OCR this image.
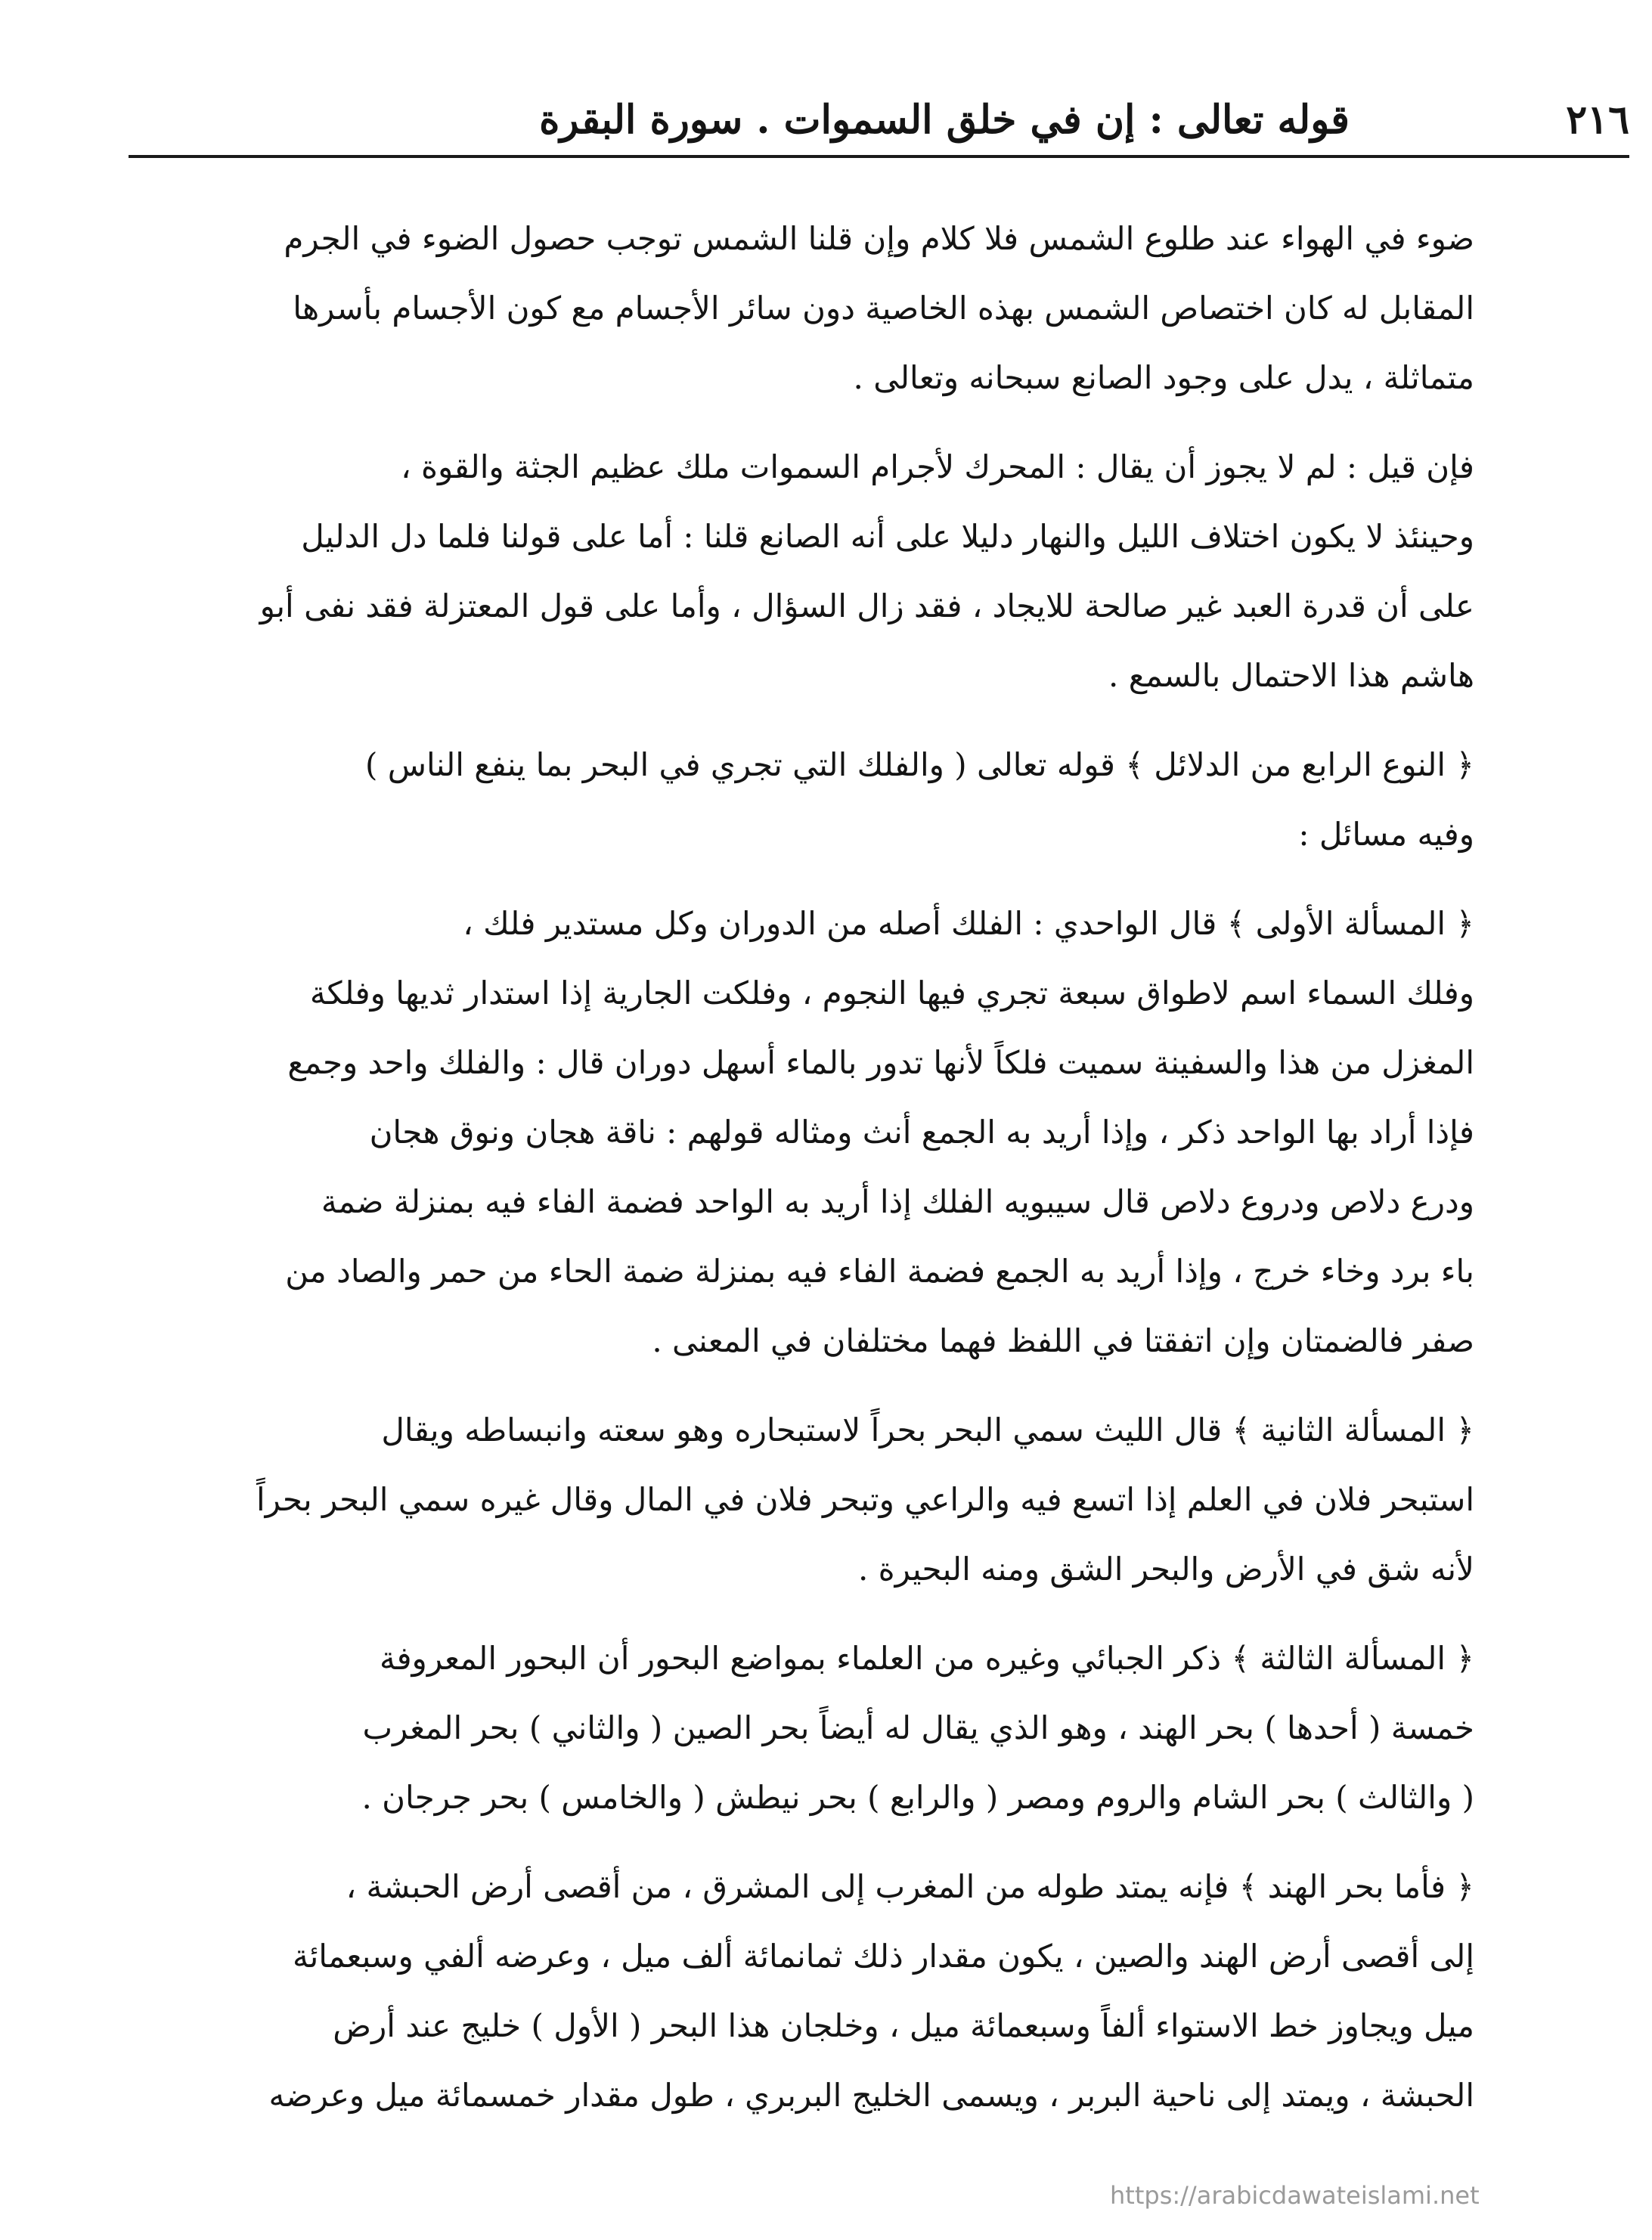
٢١٦
قوله تعالى : إن في خلق السموات . سورة البقرة
ضوء في الهواء عند طلوع الشمس فلا كلام وإن قلنا الشمس توجب حصول الضوء في الجرم
المقابل له كان اختصاص الشمس بهذه الخاصية دون سائر الأجسام مع كون الأجسام بأسرها
متماثلة ، يدل على وجود الصانع سبحانه وتعالى .
فإن قيل : لم لا يجوز أن يقال : المحرك لأجرام السموات ملك عظيم الجثة والقوة ،
وحينئذ لا يكون اختلاف الليل والنهار دليلا على أنه الصانع قلنا : أما على قولنا فلما دل الدليل
على أن قدرة العبد غير صالحة للايجاد ، فقد زال السؤال ، وأما على قول المعتزلة فقد نفى أبو
هاشم هذا الاحتمال بالسمع .
﴿ النوع الرابع من الدلائل ﴾ قوله تعالى ( والفلك التي تجري في البحر بما ينفع الناس )
وفيه مسائل :
﴿ المسألة الأولى ﴾ قال الواحدي : الفلك أصله من الدوران وكل مستدير فلك ،
وفلك السماء اسم لاطواق سبعة تجري فيها النجوم ، وفلكت الجارية إذا استدار ثديها وفلكة
المغزل من هذا والسفينة سميت فلكاً لأنها تدور بالماء أسهل دوران قال : والفلك واحد وجمع
فإذا أراد بها الواحد ذكر ، وإذا أريد به الجمع أنث ومثاله قولهم : ناقة هجان ونوق هجان
ودرع دلاص ودروع دلاص قال سيبويه الفلك إذا أريد به الواحد فضمة الفاء فيه بمنزلة ضمة
باء برد وخاء خرج ، وإذا أريد به الجمع فضمة الفاء فيه بمنزلة ضمة الحاء من حمر والصاد من
صفر فالضمتان وإن اتفقتا في اللفظ فهما مختلفان في المعنى .
﴿ المسألة الثانية ﴾ قال الليث سمي البحر بحراً لاستبحاره وهو سعته وانبساطه ويقال
استبحر فلان في العلم إذا اتسع فيه والراعي وتبحر فلان في المال وقال غيره سمي البحر بحراً
لأنه شق في الأرض والبحر الشق ومنه البحيرة .
﴿ المسألة الثالثة ﴾ ذكر الجبائي وغيره من العلماء بمواضع البحور أن البحور المعروفة
خمسة ( أحدها ) بحر الهند ، وهو الذي يقال له أيضاً بحر الصين ( والثاني ) بحر المغرب
( والثالث ) بحر الشام والروم ومصر ( والرابع ) بحر نيطش ( والخامس ) بحر جرجان .
﴿ فأما بحر الهند ﴾ فإنه يمتد طوله من المغرب إلى المشرق ، من أقصى أرض الحبشة ،
إلى أقصى أرض الهند والصين ، يكون مقدار ذلك ثمانمائة ألف ميل ، وعرضه ألفي وسبعمائة
ميل ويجاوز خط الاستواء ألفاً وسبعمائة ميل ، وخلجان هذا البحر ( الأول ) خليج عند أرض
الحبشة ، ويمتد إلى ناحية البربر ، ويسمى الخليج البربري ، طول مقدار خمسمائة ميل وعرضه
https://arabicdawateislami.net
